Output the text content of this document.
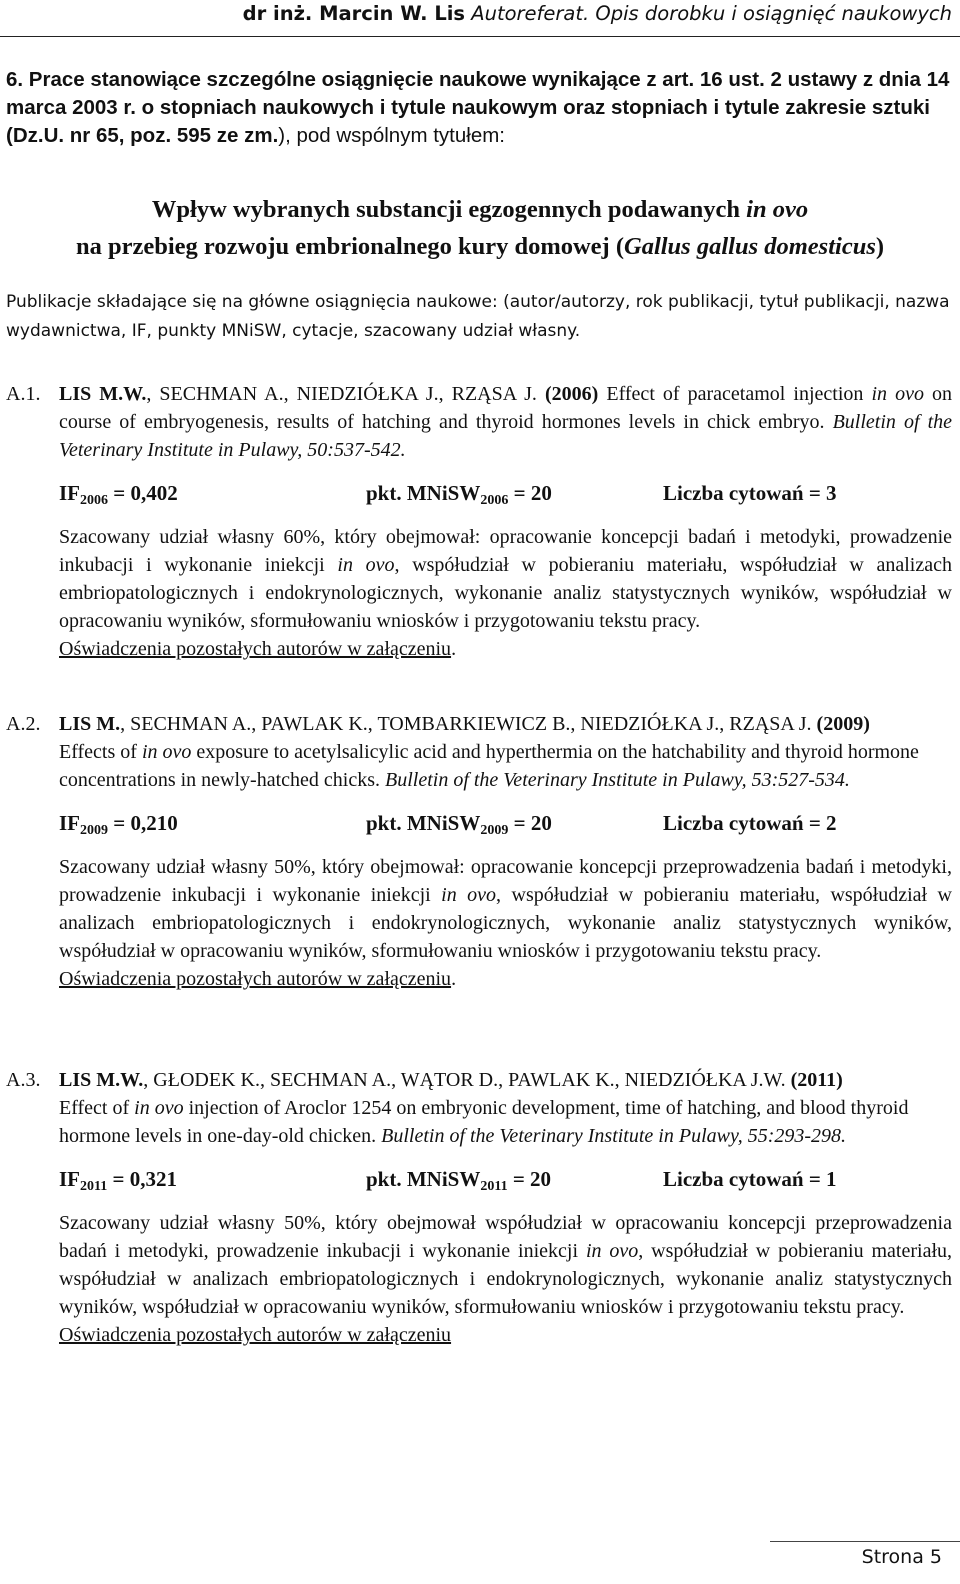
dr inż. Marcin W. Lis Autoreferat. Opis dorobku i osiągnięć naukowych
6. Prace stanowiące szczególne osiągnięcie naukowe wynikające z art. 16 ust. 2 ustawy z dnia 14 marca 2003 r. o stopniach naukowych i tytule naukowym oraz stopniach i tytule zakresie sztuki (Dz.U. nr 65, poz. 595 ze zm.), pod wspólnym tytułem:
Wpływ wybranych substancji egzogennych podawanych in ovo
na przebieg rozwoju embrionalnego kury domowej (Gallus gallus domesticus)
Publikacje składające się na główne osiągnięcia naukowe: (autor/autorzy, rok publikacji, tytuł publikacji, nazwa wydawnictwa, IF, punkty MNiSW, cytacje, szacowany udział własny.
A.1. LIS M.W., SECHMAN A., NIEDZIÓŁKA J., RZĄSA J. (2006) Effect of paracetamol injection in ovo on course of embryogenesis, results of hatching and thyroid hormones levels in chick embryo. Bulletin of the Veterinary Institute in Pulawy, 50:537-542.
$IF_{2006} = 0,402$	pkt. MNiSW$_{2006}$ = 20	Liczba cytowań = 3
Szacowany udział własny 60%, który obejmował: opracowanie koncepcji badań i metodyki, prowadzenie inkubacji i wykonanie iniekcji in ovo, współudział w pobieraniu materiału, współudział w analizach embriopatologicznych i endokrynologicznych, wykonanie analiz statystycznych wyników, współudział w opracowaniu wyników, sformułowaniu wniosków i przygotowaniu tekstu pracy.
Oświadczenia pozostałych autorów w załączeniu.
A.2. LIS M., SECHMAN A., PAWLAK K., TOMBARKIEWICZ B., NIEDZIÓŁKA J., RZĄSA J. (2009)
Effects of in ovo exposure to acetylsalicylic acid and hyperthermia on the hatchability and thyroid hormone concentrations in newly-hatched chicks. Bulletin of the Veterinary Institute in Pulawy, 53:527-534.
$IF_{2009} = 0,210$	pkt. MNiSW$_{2009}$ = 20	Liczba cytowań = 2
Szacowany udział własny 50%, który obejmował: opracowanie koncepcji przeprowadzenia badań i metodyki, prowadzenie inkubacji i wykonanie iniekcji in ovo, współudział w pobieraniu materiału, współudział w analizach embriopatologicznych i endokrynologicznych, wykonanie analiz statystycznych wyników, współudział w opracowaniu wyników, sformułowaniu wniosków i przygotowaniu tekstu pracy.
Oświadczenia pozostałych autorów w załączeniu.
A.3. LIS M.W., GŁODEK K., SECHMAN A., WĄTOR D., PAWLAK K., NIEDZIÓŁKA J.W. (2011)
Effect of in ovo injection of Aroclor 1254 on embryonic development, time of hatching, and blood thyroid hormone levels in one-day-old chicken. Bulletin of the Veterinary Institute in Pulawy, 55:293-298.
$IF_{2011} = 0,321$	pkt. MNiSW$_{2011}$ = 20	Liczba cytowań = 1
Szacowany udział własny 50%, który obejmował współudział w opracowaniu koncepcji przeprowadzenia badań i metodyki, prowadzenie inkubacji i wykonanie iniekcji in ovo, współudział w pobieraniu materiału, współudział w analizach embriopatologicznych i endokrynologicznych, wykonanie analiz statystycznych wyników, współudział w opracowaniu wyników, sformułowaniu wniosków i przygotowaniu tekstu pracy.
Oświadczenia pozostałych autorów w załączeniu
Strona 5
